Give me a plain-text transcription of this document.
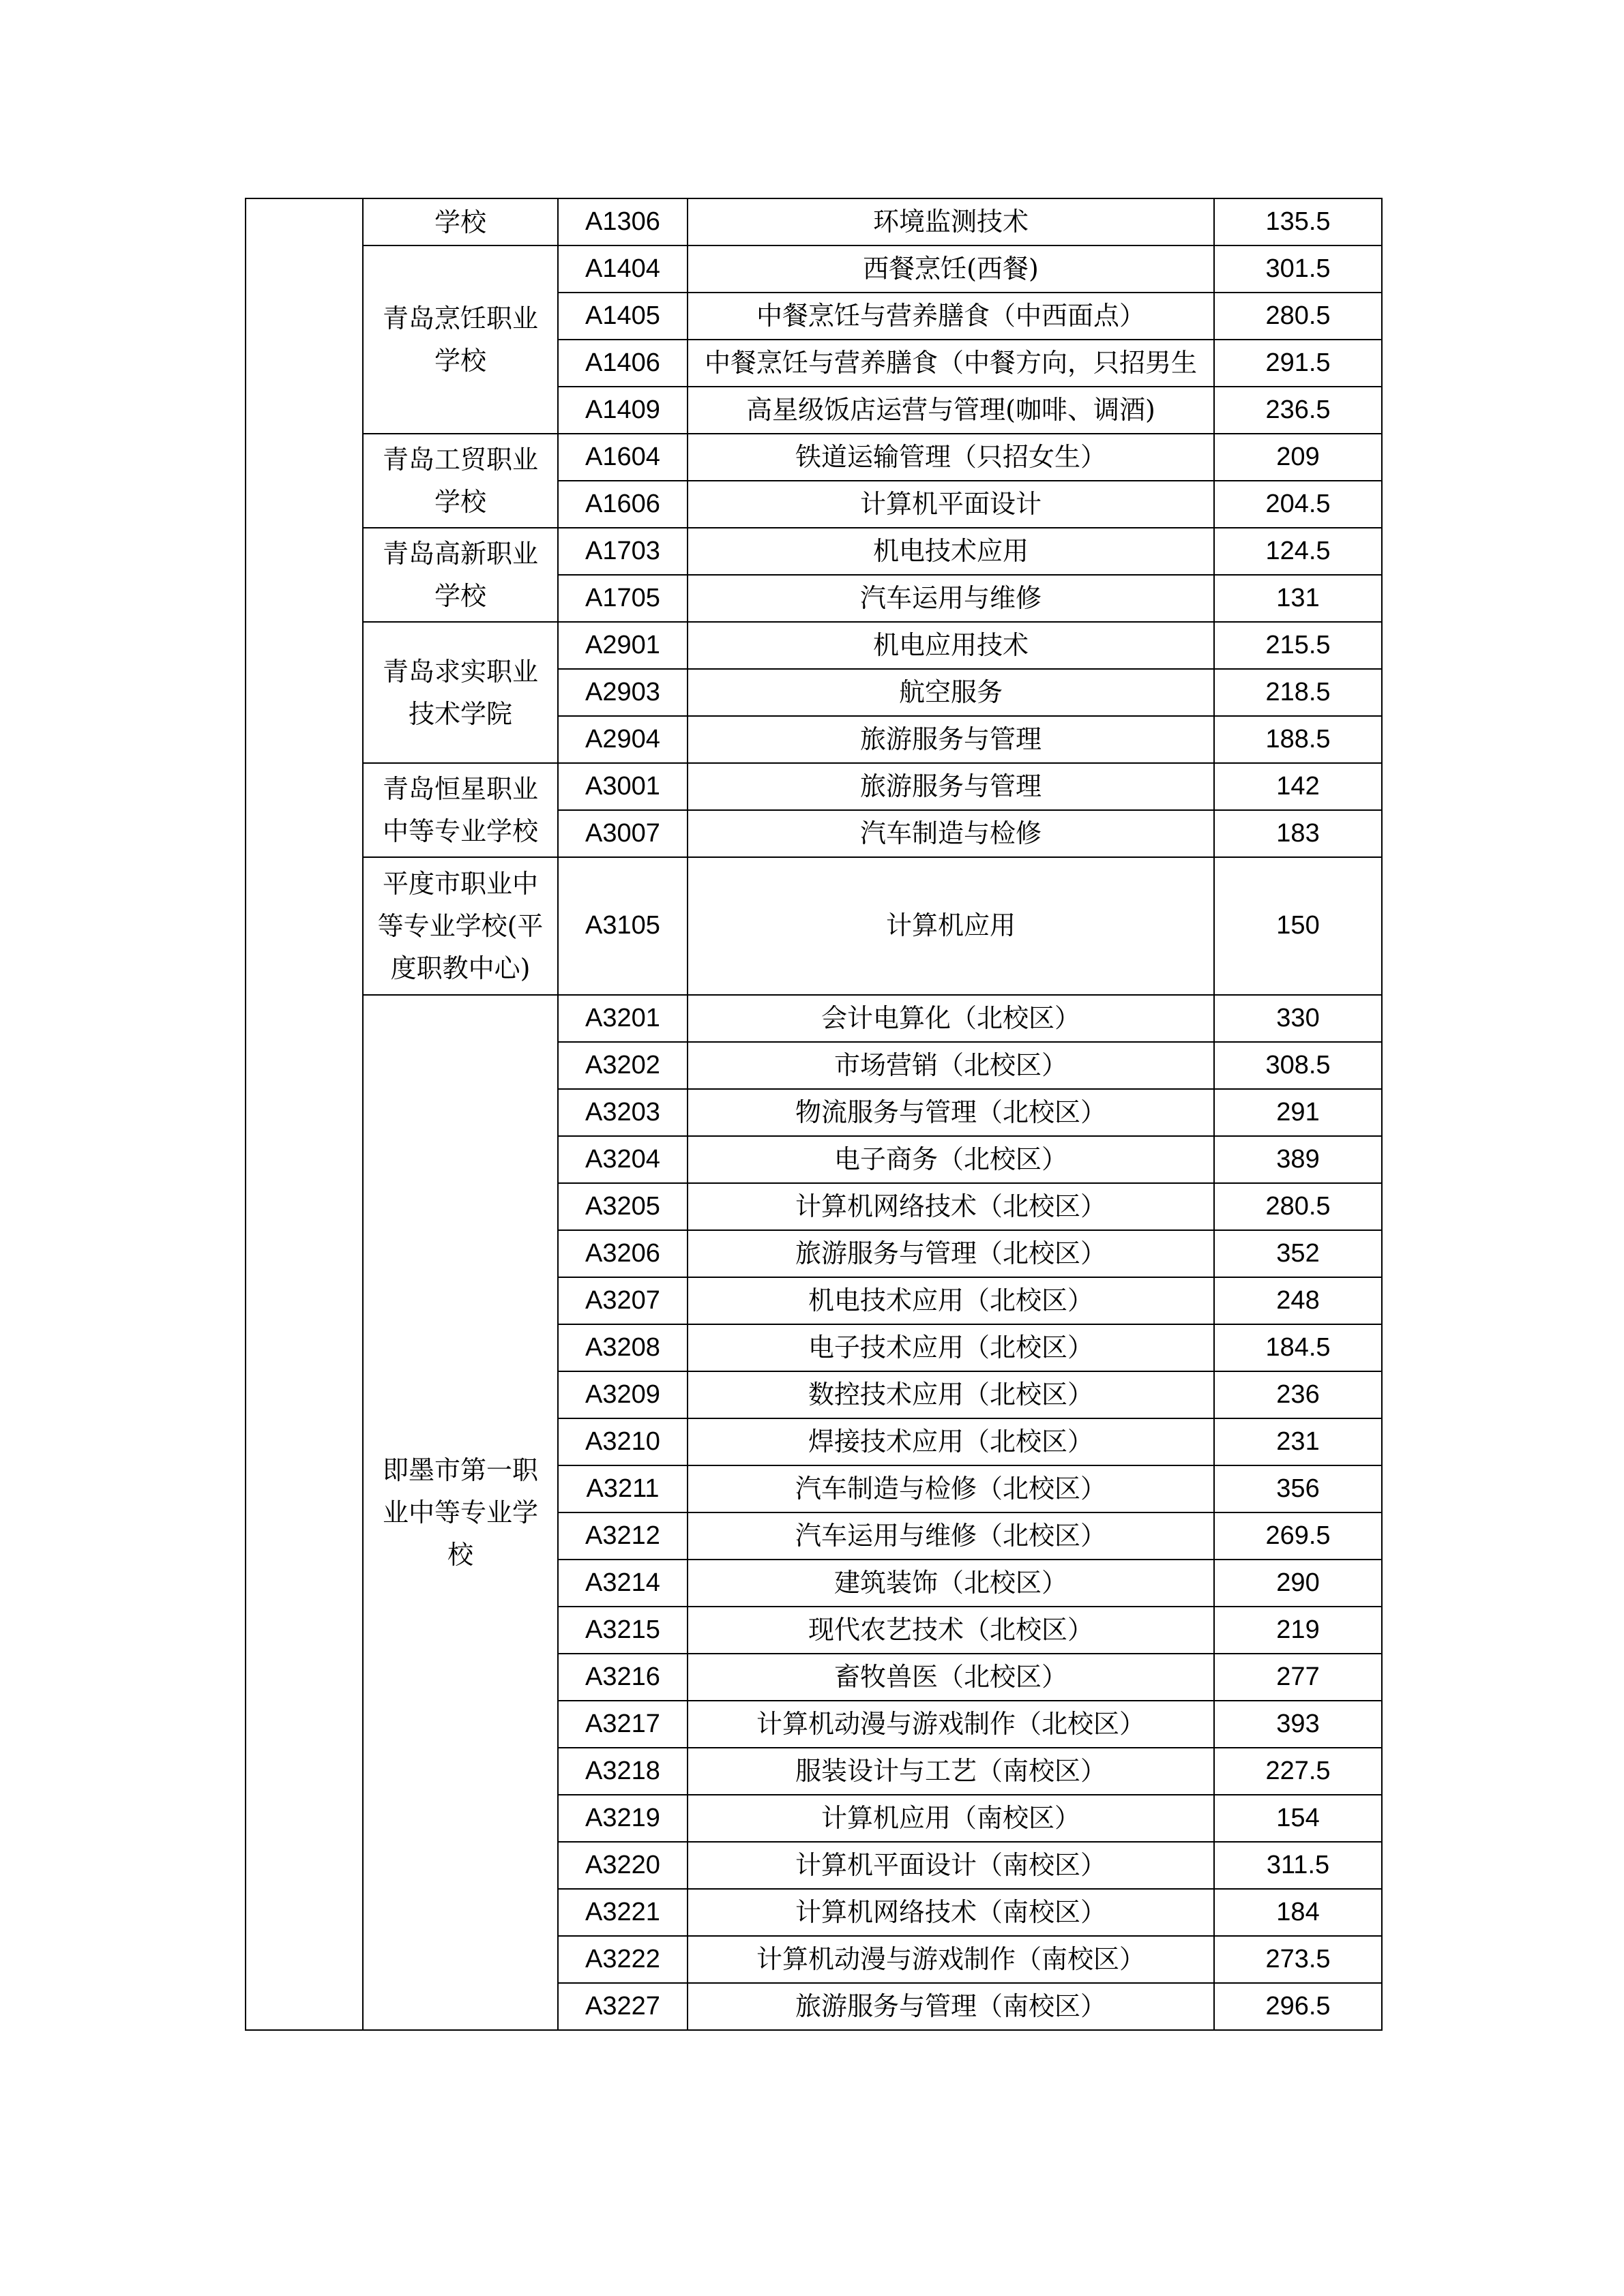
	学校	A1306	环境监测技术	135.5
	青岛烹饪职业学校	A1404	西餐烹饪(西餐)	301.5
		A1405	中餐烹饪与营养膳食（中西面点）	280.5
		A1406	中餐烹饪与营养膳食（中餐方向，只招男生	291.5
		A1409	高星级饭店运营与管理(咖啡、调酒)	236.5
	青岛工贸职业学校	A1604	铁道运输管理（只招女生）	209
		A1606	计算机平面设计	204.5
	青岛高新职业学校	A1703	机电技术应用	124.5
		A1705	汽车运用与维修	131
	青岛求实职业技术学院	A2901	机电应用技术	215.5
		A2903	航空服务	218.5
		A2904	旅游服务与管理	188.5
	青岛恒星职业中等专业学校	A3001	旅游服务与管理	142
		A3007	汽车制造与检修	183
	平度市职业中等专业学校(平度职教中心)	A3105	计算机应用	150
	即墨市第一职业中等专业学校	A3201	会计电算化（北校区）	330
		A3202	市场营销（北校区）	308.5
		A3203	物流服务与管理（北校区）	291
		A3204	电子商务（北校区）	389
		A3205	计算机网络技术（北校区）	280.5
		A3206	旅游服务与管理（北校区）	352
		A3207	机电技术应用（北校区）	248
		A3208	电子技术应用（北校区）	184.5
		A3209	数控技术应用（北校区）	236
		A3210	焊接技术应用（北校区）	231
		A3211	汽车制造与检修（北校区）	356
		A3212	汽车运用与维修（北校区）	269.5
		A3214	建筑装饰（北校区）	290
		A3215	现代农艺技术（北校区）	219
		A3216	畜牧兽医（北校区）	277
		A3217	计算机动漫与游戏制作（北校区）	393
		A3218	服装设计与工艺（南校区）	227.5
		A3219	计算机应用（南校区）	154
		A3220	计算机平面设计（南校区）	311.5
		A3221	计算机网络技术（南校区）	184
		A3222	计算机动漫与游戏制作（南校区）	273.5
		A3227	旅游服务与管理（南校区）	296.5
